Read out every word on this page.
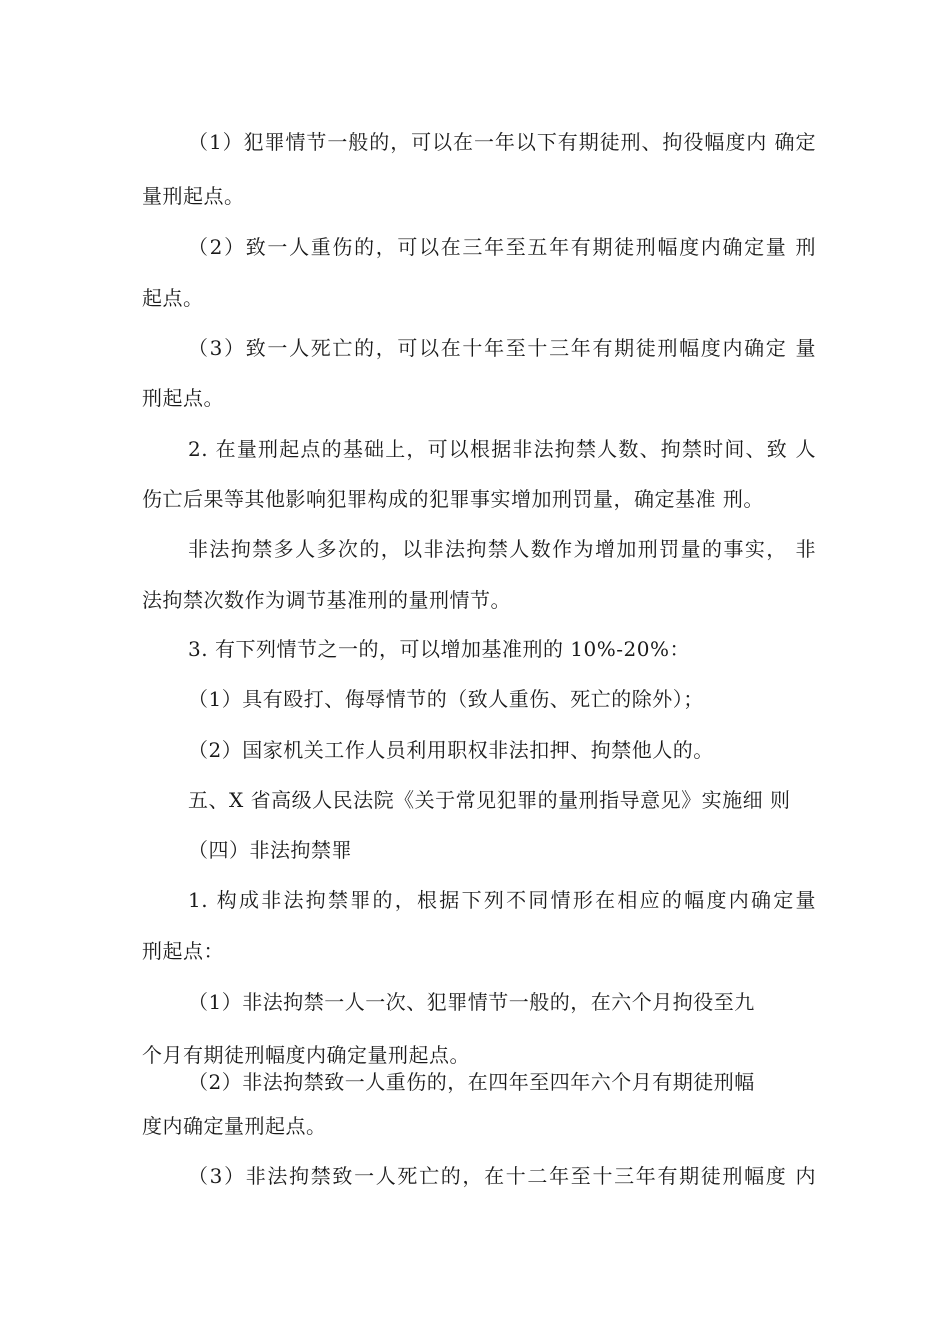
（1）犯罪情节一般的，可以在一年以下有期徒刑、拘役幅度内 确定
量刑起点。
（2）致一人重伤的，可以在三年至五年有期徒刑幅度内确定量 刑
起点。
（3）致一人死亡的，可以在十年至十三年有期徒刑幅度内确定 量
刑起点。
2. 在量刑起点的基础上，可以根据非法拘禁人数、拘禁时间、致 人
伤亡后果等其他影响犯罪构成的犯罪事实增加刑罚量，确定基准 刑。
非法拘禁多人多次的，以非法拘禁人数作为增加刑罚量的事实， 非
法拘禁次数作为调节基准刑的量刑情节。
3. 有下列情节之一的，可以增加基准刑的 10%-20%：
（1）具有殴打、侮辱情节的（致人重伤、死亡的除外）；
（2）国家机关工作人员利用职权非法扣押、拘禁他人的。
五、X 省高级人民法院《关于常见犯罪的量刑指导意见》实施细 则
（四）非法拘禁罪
1. 构成非法拘禁罪的，根据下列不同情形在相应的幅度内确定量
刑起点：
（1）非法拘禁一人一次、犯罪情节一般的，在六个月拘役至九
个月有期徒刑幅度内确定量刑起点。
（2）非法拘禁致一人重伤的，在四年至四年六个月有期徒刑幅
度内确定量刑起点。
（3）非法拘禁致一人死亡的，在十二年至十三年有期徒刑幅度 内
